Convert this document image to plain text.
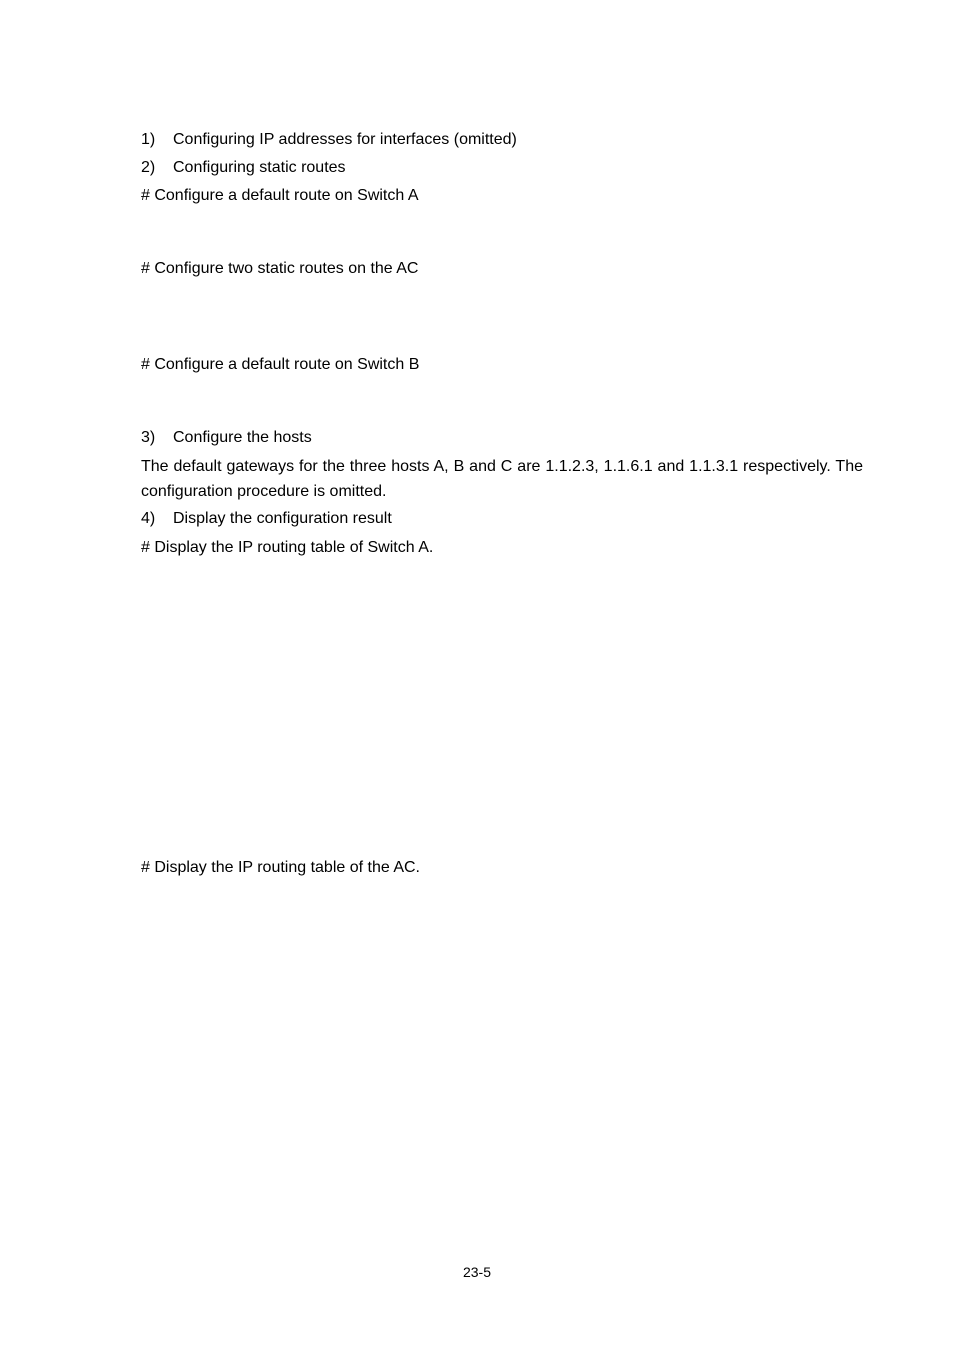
1) Configuring IP addresses for interfaces (omitted)
2) Configuring static routes
# Configure a default route on Switch A
# Configure two static routes on the AC
# Configure a default route on Switch B
3) Configure the hosts
The default gateways for the three hosts A, B and C are 1.1.2.3, 1.1.6.1 and 1.1.3.1 respectively. The configuration procedure is omitted.
4) Display the configuration result
# Display the IP routing table of Switch A.
# Display the IP routing table of the AC.
23-5
